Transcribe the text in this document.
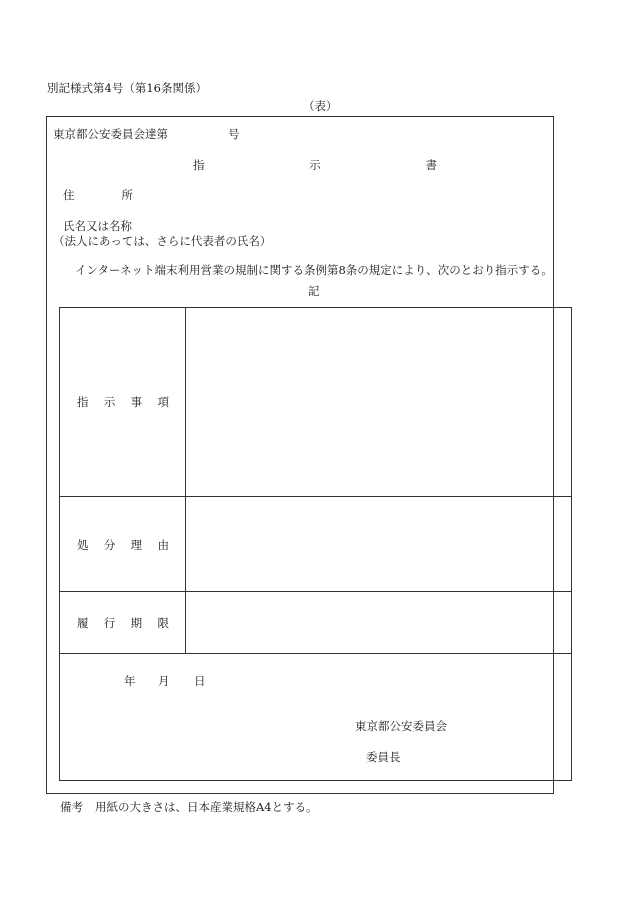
別記様式第4号（第16条関係）
（表）
東京都公安委員会達第	号
指	示	書
住	所
氏名又は名称
（法人にあっては、さらに代表者の氏名）
インターネット端末利用営業の規制に関する条例第8条の規定により、次のとおり指示する。
記
指 示 事 項
処 分 理 由
履 行 期 限
年 月 日
東京都公安委員会
委員長
備考 用紙の大きさは、日本産業規格A4とする。
